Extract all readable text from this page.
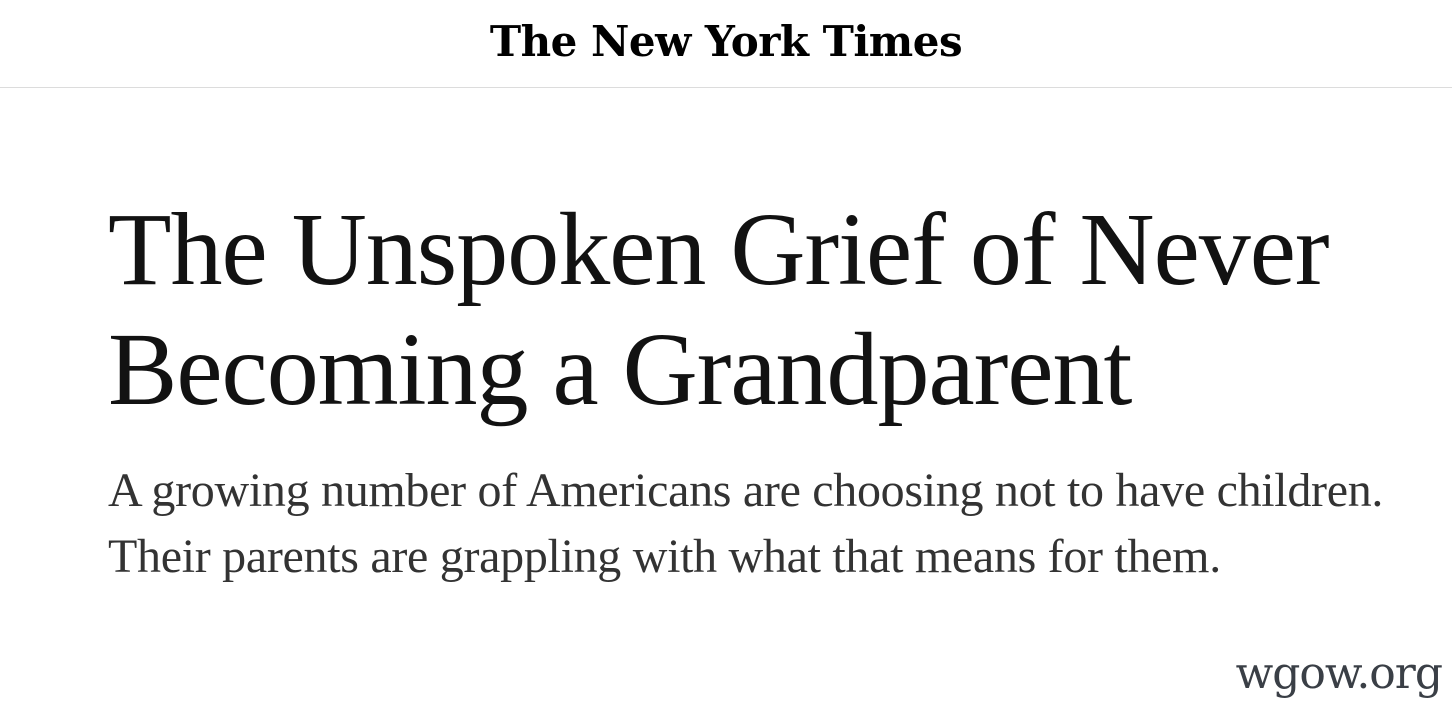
The New York Times
The Unspoken Grief of Never
Becoming a Grandparent

A growing number of Americans are choosing not to have children. Their parents are grappling with what that means for them.

wgow.org
